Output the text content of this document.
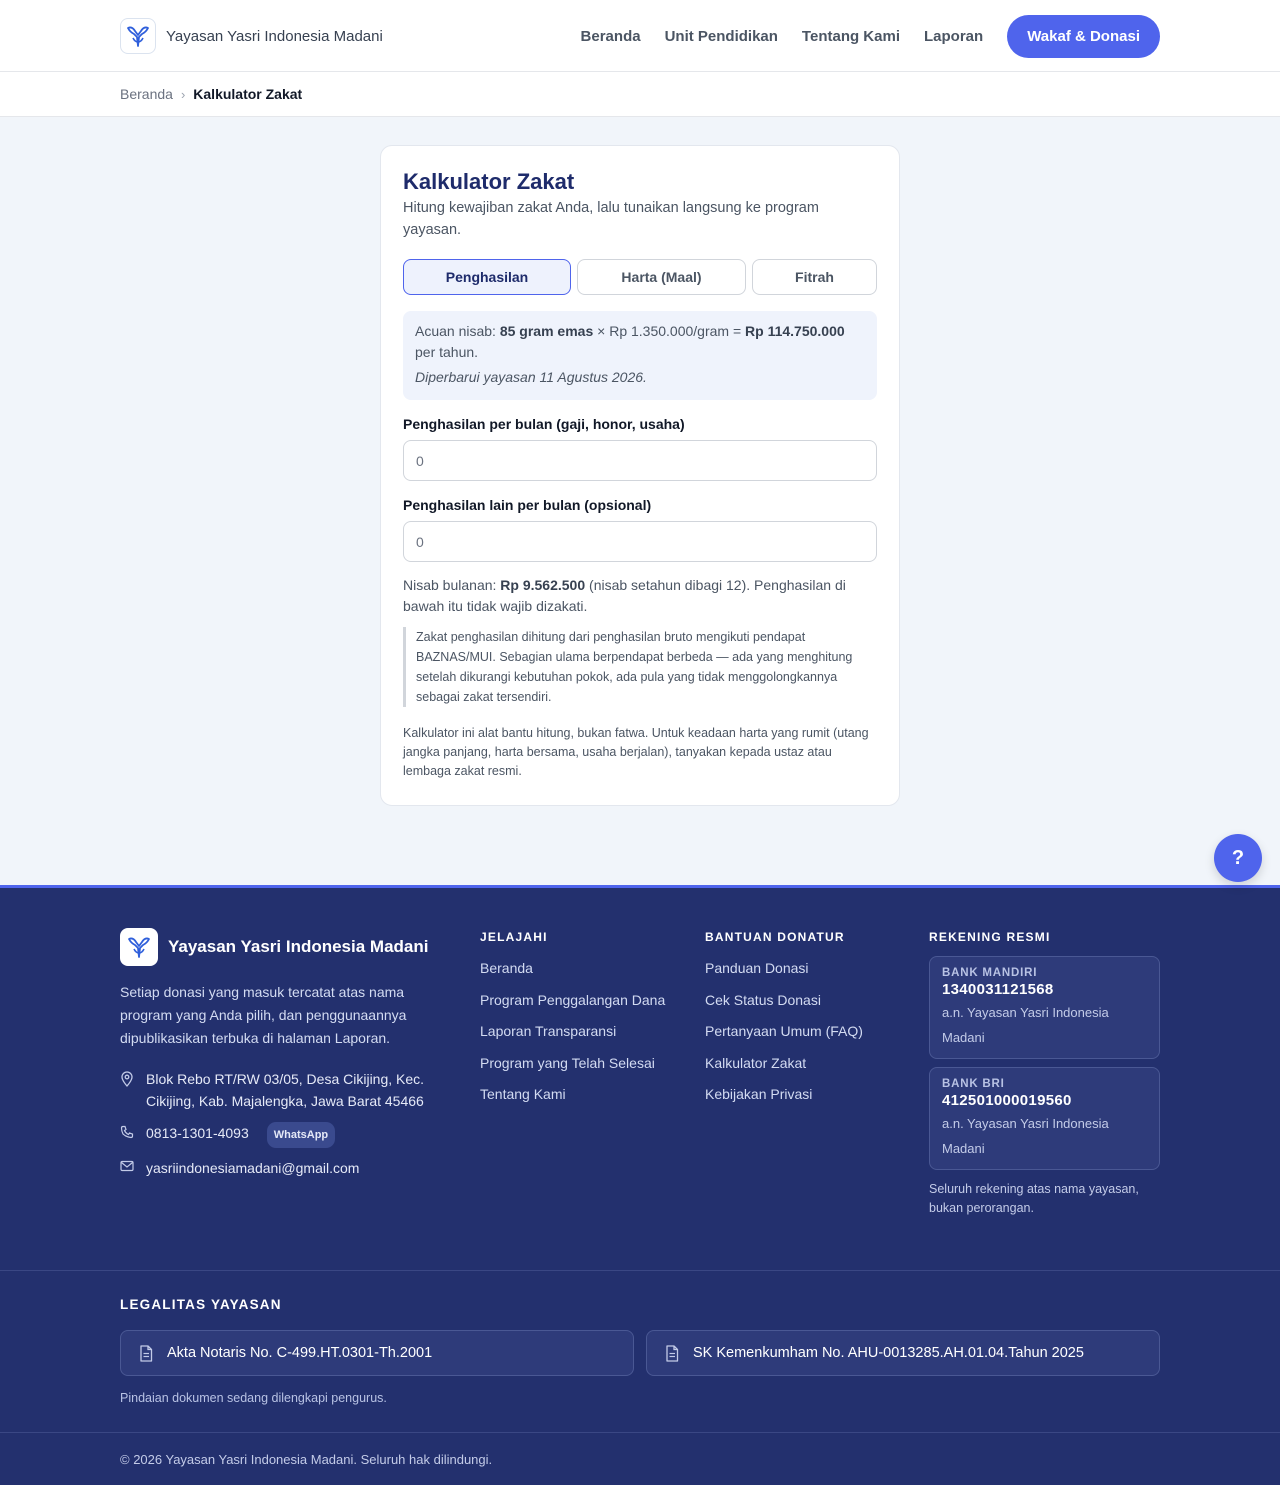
Yayasan Yasri Indonesia Madani	Beranda Unit Pendidikan Tentang Kami Laporan	Wakaf & Donasi
Beranda › Kalkulator Zakat
Kalkulator Zakat

Hitung kewajiban zakat Anda, lalu tunaikan langsung ke program yayasan.

Penghasilan	Harta (Maal)	Fitrah
Acuan nisab: 85 gram emas × Rp 1.350.000/gram = Rp 114.750.000 per tahun.
Diperbarui yayasan 11 Agustus 2026.
Penghasilan per bulan (gaji, honor, usaha)
0
Penghasilan lain per bulan (opsional)
0

Nisab bulanan: Rp 9.562.500 (nisab setahun dibagi 12). Penghasilan di bawah itu tidak wajib dizakati.

Zakat penghasilan dihitung dari penghasilan bruto mengikuti pendapat BAZNAS/MUI. Sebagian ulama berpendapat berbeda — ada yang menghitung setelah dikurangi kebutuhan pokok, ada pula yang tidak menggolongkannya sebagai zakat tersendiri.

Kalkulator ini alat bantu hitung, bukan fatwa. Untuk keadaan harta yang rumit (utang jangka panjang, harta bersama, usaha berjalan), tanyakan kepada ustaz atau lembaga zakat resmi.

?
Yayasan Yasri Indonesia Madani

Setiap donasi yang masuk tercatat atas nama program yang Anda pilih, dan penggunaannya dipublikasikan terbuka di halaman Laporan.

Blok Rebo RT/RW 03/05, Desa Cikijing, Kec. Cikijing, Kab. Majalengka, Jawa Barat 45466
0813-1301-4093	WhatsApp
yasriindonesiamadani@gmail.com
JELAJAHI
Beranda
Program Penggalangan Dana
Laporan Transparansi
Program yang Telah Selesai
Tentang Kami
BANTUAN DONATUR
Panduan Donasi
Cek Status Donasi
Pertanyaan Umum (FAQ)
Kalkulator Zakat
Kebijakan Privasi
REKENING RESMI
BANK MANDIRI
1340031121568
a.n. Yayasan Yasri Indonesia Madani
BANK BRI
412501000019560
a.n. Yayasan Yasri Indonesia Madani

Seluruh rekening atas nama yayasan, bukan perorangan.

LEGALITAS YAYASAN
Akta Notaris No. C-499.HT.0301-Th.2001	SK Kemenkumham No. AHU-0013285.AH.01.04.Tahun 2025

Pindaian dokumen sedang dilengkapi pengurus.

© 2026 Yayasan Yasri Indonesia Madani. Seluruh hak dilindungi.
